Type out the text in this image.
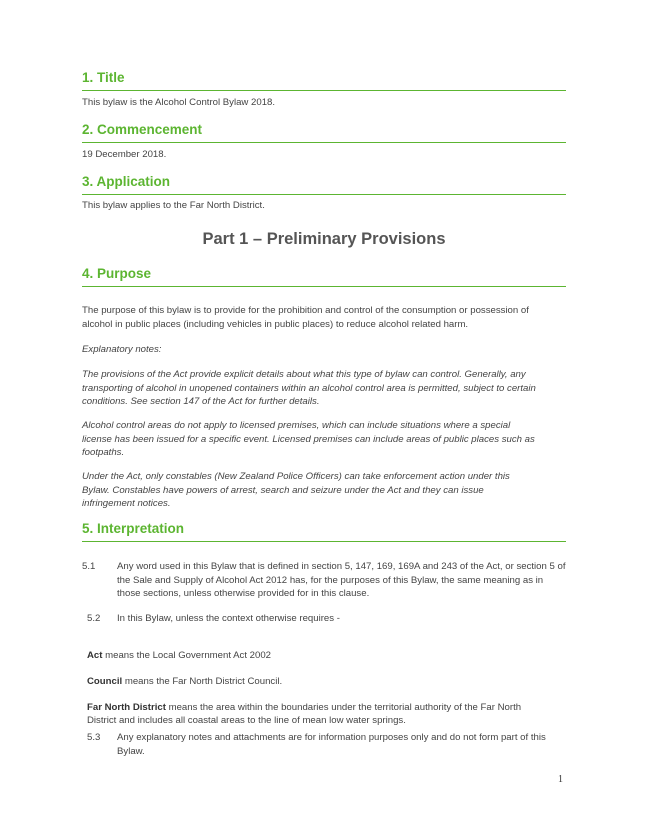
1. Title

This bylaw is the Alcohol Control Bylaw 2018.

2. Commencement

19 December 2018.

3. Application

This bylaw applies to the Far North District.

Part 1 – Preliminary Provisions
4. Purpose

The purpose of this bylaw is to provide for the prohibition and control of the consumption or possession of alcohol in public places (including vehicles in public places) to reduce alcohol related harm.

Explanatory notes:

The provisions of the Act provide explicit details about what this type of bylaw can control. Generally, any transporting of alcohol in unopened containers within an alcohol control area is permitted, subject to certain conditions. See section 147 of the Act for further details.

Alcohol control areas do not apply to licensed premises, which can include situations where a special license has been issued for a specific event. Licensed premises can include areas of public places such as footpaths.

Under the Act, only constables (New Zealand Police Officers) can take enforcement action under this Bylaw. Constables have powers of arrest, search and seizure under the Act and they can issue infringement notices.

5. Interpretation
5.1 Any word used in this Bylaw that is defined in section 5, 147, 169, 169A and 243 of the Act, or section 5 of the Sale and Supply of Alcohol Act 2012 has, for the purposes of this Bylaw, the same meaning as in those sections, unless otherwise provided for in this clause.
5.2 In this Bylaw, unless the context otherwise requires -

Act means the Local Government Act 2002

Council means the Far North District Council.

Far North District means the area within the boundaries under the territorial authority of the Far North District and includes all coastal areas to the line of mean low water springs.

5.3 Any explanatory notes and attachments are for information purposes only and do not form part of this Bylaw.
1
